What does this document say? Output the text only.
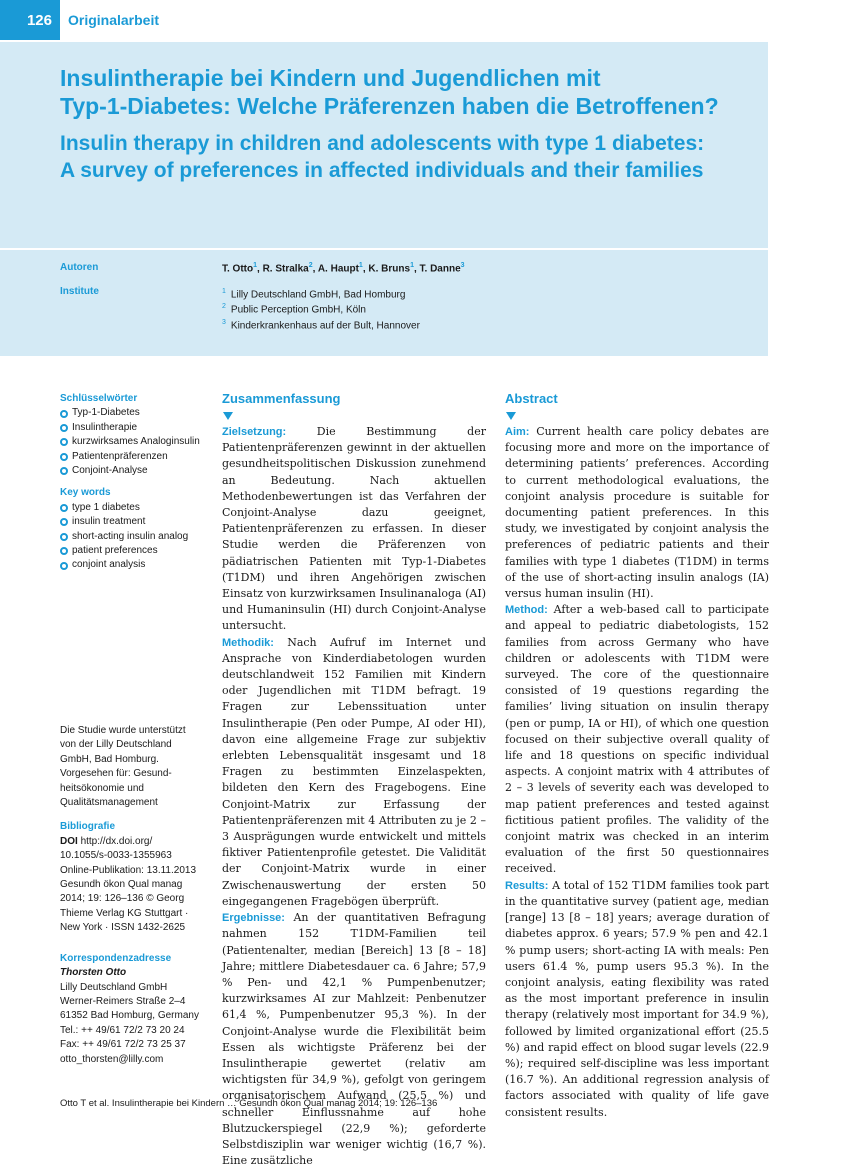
126	Originalarbeit
Insulintherapie bei Kindern und Jugendlichen mit
Typ-1-Diabetes: Welche Präferenzen haben die Betroffenen?
Insulin therapy in children and adolescents with type 1 diabetes:
A survey of preferences in affected individuals and their families
Autoren
Institute
T. Otto$^1$, R. Stralka$^2$, A. Haupt$^1$, K. Bruns$^1$, T. Danne$^3$
$^1$ Lilly Deutschland GmbH, Bad Homburg
$^2$ Public Perception GmbH, Köln
$^3$ Kinderkrankenhaus auf der Bult, Hannover
Schlüsselwörter
Typ-1-Diabetes
Insulintherapie
kurzwirksames Analoginsulin
Patientenpräferenzen
Conjoint-Analyse
Key words
type 1 diabetes
insulin treatment
short-acting insulin analog
patient preferences
conjoint analysis

Die Studie wurde unterstützt

von der Lilly Deutschland

GmbH, Bad Homburg.

Vorgesehen für: Gesund-

heitsökonomie und

Qualitätsmanagement

Bibliografie

DOI http://dx.doi.org/

10.1055/s-0033-1355963

Online-Publikation: 13.11.2013

Gesundh ökon Qual manag

2014; 19: 126–136 © Georg

Thieme Verlag KG Stuttgart ·

New York · ISSN 1432-2625

Korrespondenzadresse

Thorsten Otto

Lilly Deutschland GmbH

Werner-Reimers Straße 2–4

61352 Bad Homburg, Germany

Tel.: ++ 49/61 72/2 73 20 24

Fax: ++ 49/61 72/2 73 25 37

otto_thorsten@lilly.com

Zusammenfassung

Zielsetzung: Die Bestimmung der Patientenpräferenzen gewinnt in der aktuellen gesundheitspolitischen Diskussion zunehmend an Bedeutung. Nach aktuellen Methodenbewertungen ist das Verfahren der Conjoint-Analyse dazu geeignet, Patientenpräferenzen zu erfassen. In dieser Studie werden die Präferenzen von pädiatrischen Patienten mit Typ-1-Diabetes (T1DM) und ihren Angehörigen zwischen Einsatz von kurzwirksamen Insulinanaloga (AI) und Humaninsulin (HI) durch Conjoint-Analyse untersucht.

Methodik: Nach Aufruf im Internet und Ansprache von Kinderdiabetologen wurden deutschlandweit 152 Familien mit Kindern oder Jugendlichen mit T1DM befragt. 19 Fragen zur Lebenssituation unter Insulintherapie (Pen oder Pumpe, AI oder HI), davon eine allgemeine Frage zur subjektiv erlebten Lebensqualität insgesamt und 18 Fragen zu bestimmten Einzelaspekten, bildeten den Kern des Fragebogens. Eine Conjoint-Matrix zur Erfassung der Patientenpräferenzen mit 4 Attributen zu je 2 – 3 Ausprägungen wurde entwickelt und mittels fiktiver Patientenprofile getestet. Die Validität der Conjoint-Matrix wurde in einer Zwischenauswertung der ersten 50 eingegangenen Fragebögen überprüft.

Ergebnisse: An der quantitativen Befragung nahmen 152 T1DM-Familien teil (Patientenalter, median [Bereich] 13 [8 – 18] Jahre; mittlere Diabetesdauer ca. 6 Jahre; 57,9 % Pen- und 42,1 % Pumpenbenutzer; kurzwirksames AI zur Mahlzeit: Penbenutzer 61,4 %, Pumpenbenutzer 95,3 %). In der Conjoint-Analyse wurde die Flexibilität beim Essen als wichtigste Präferenz bei der Insulintherapie gewertet (relativ am wichtigsten für 34,9 %), gefolgt von geringem organisatorischem Aufwand (25,5 %) und schneller Einflussnahme auf hohe Blutzuckerspiegel (22,9 %); geforderte Selbstdisziplin war weniger wichtig (16,7 %). Eine zusätzliche

Abstract

Aim: Current health care policy debates are focusing more and more on the importance of determining patients’ preferences. According to current methodological evaluations, the conjoint analysis procedure is suitable for documenting patient preferences. In this study, we investigated by conjoint analysis the preferences of pediatric patients and their families with type 1 diabetes (T1DM) in terms of the use of short-acting insulin analogs (IA) versus human insulin (HI).

Method: After a web-based call to participate and appeal to pediatric diabetologists, 152 families from across Germany who have children or adolescents with T1DM were surveyed. The core of the questionnaire consisted of 19 questions regarding the families’ living situation on insulin therapy (pen or pump, IA or HI), of which one question focused on their subjective overall quality of life and 18 questions on specific individual aspects. A conjoint matrix with 4 attributes of 2 – 3 levels of severity each was developed to map patient preferences and tested against fictitious patient profiles. The validity of the conjoint matrix was checked in an interim evaluation of the first 50 questionnaires received.

Results: A total of 152 T1DM families took part in the quantitative survey (patient age, median [range] 13 [8 – 18] years; average duration of diabetes approx. 6 years; 57.9 % pen and 42.1 % pump users; short-acting IA with meals: Pen users 61.4 %, pump users 95.3 %). In the conjoint analysis, eating flexibility was rated as the most important preference in insulin therapy (relatively most important for 34.9 %), followed by limited organizational effort (25.5 %) and rapid effect on blood sugar levels (22.9 %); required self-discipline was less important (16.7 %). An additional regression analysis of factors associated with quality of life gave consistent results.

Otto T et al. Insulintherapie bei Kindern … Gesundh ökon Qual manag 2014; 19: 126–136
